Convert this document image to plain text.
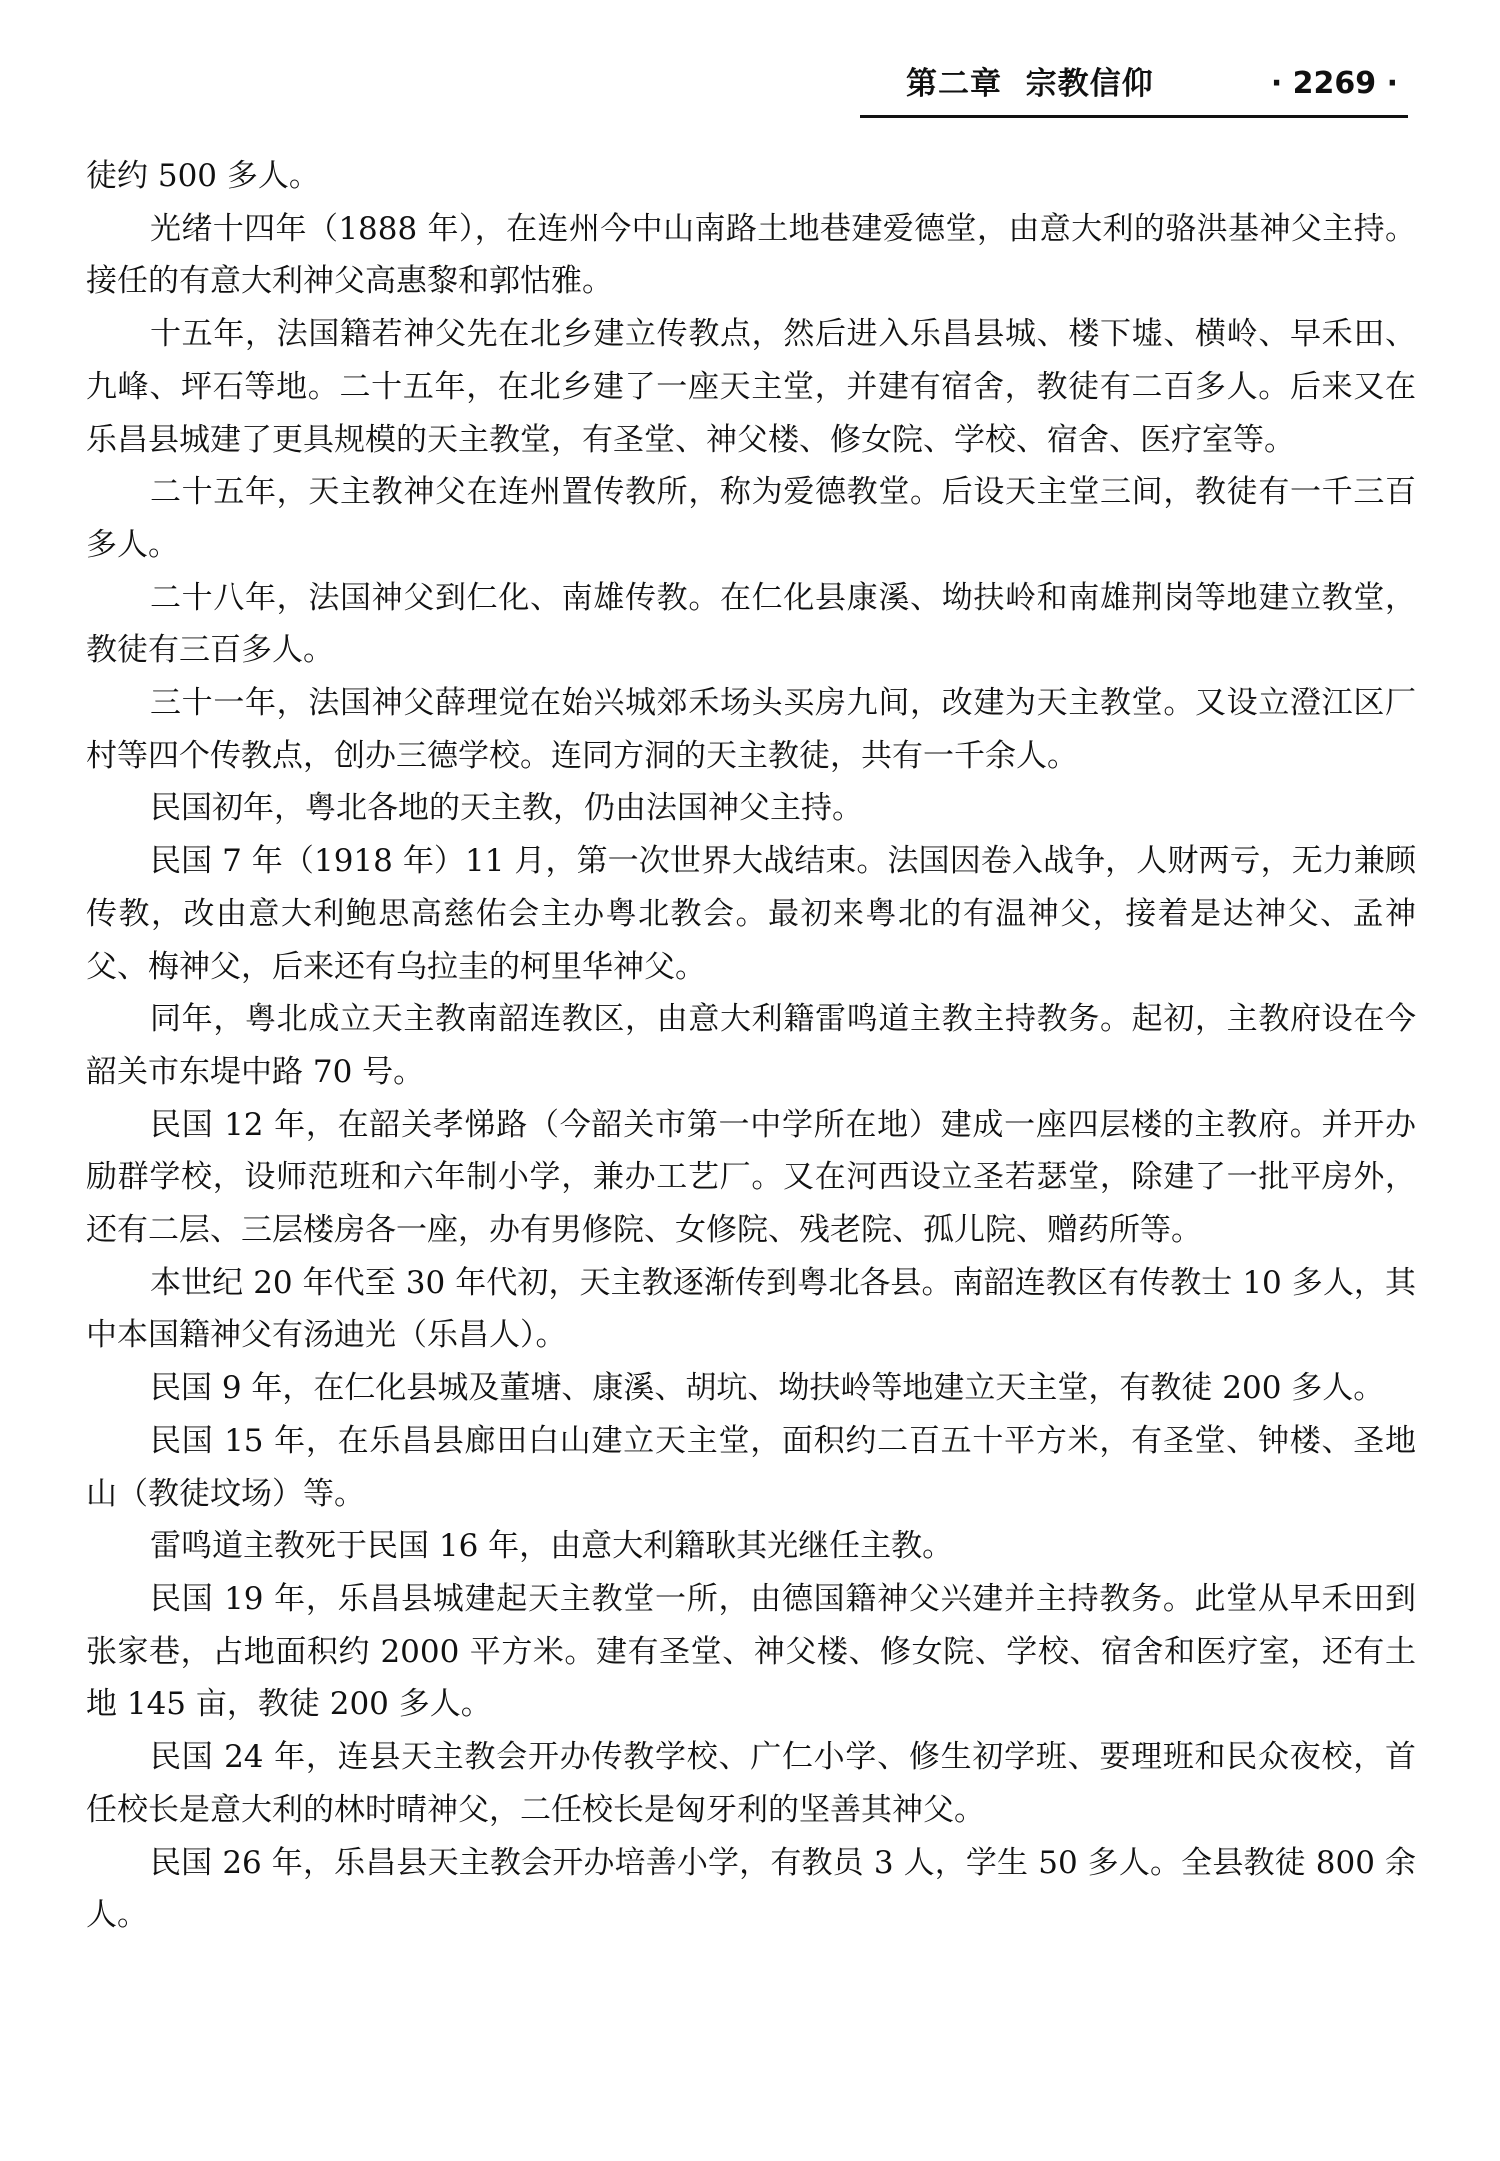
第二章  宗教信仰	· 2269 ·

徒约 500 多人。

光绪十四年（1888 年），在连州今中山南路土地巷建爱德堂，由意大利的骆洪基神父主持。接任的有意大利神父高惠黎和郭怙雅。

十五年，法国籍若神父先在北乡建立传教点，然后进入乐昌县城、楼下墟、横岭、早禾田、九峰、坪石等地。二十五年，在北乡建了一座天主堂，并建有宿舍，教徒有二百多人。后来又在乐昌县城建了更具规模的天主教堂，有圣堂、神父楼、修女院、学校、宿舍、医疗室等。

二十五年，天主教神父在连州置传教所，称为爱德教堂。后设天主堂三间，教徒有一千三百多人。

二十八年，法国神父到仁化、南雄传教。在仁化县康溪、坳扶岭和南雄荆岗等地建立教堂，教徒有三百多人。

三十一年，法国神父薛理觉在始兴城郊禾场头买房九间，改建为天主教堂。又设立澄江区厂村等四个传教点，创办三德学校。连同方洞的天主教徒，共有一千余人。

民国初年，粤北各地的天主教，仍由法国神父主持。

民国 7 年（1918 年）11 月，第一次世界大战结束。法国因卷入战争，人财两亏，无力兼顾传教，改由意大利鲍思高慈佑会主办粤北教会。最初来粤北的有温神父，接着是达神父、孟神父、梅神父，后来还有乌拉圭的柯里华神父。

同年，粤北成立天主教南韶连教区，由意大利籍雷鸣道主教主持教务。起初，主教府设在今韶关市东堤中路 70 号。

民国 12 年，在韶关孝悌路（今韶关市第一中学所在地）建成一座四层楼的主教府。并开办励群学校，设师范班和六年制小学，兼办工艺厂。又在河西设立圣若瑟堂，除建了一批平房外，还有二层、三层楼房各一座，办有男修院、女修院、残老院、孤儿院、赠药所等。

本世纪 20 年代至 30 年代初，天主教逐渐传到粤北各县。南韶连教区有传教士 10 多人，其中本国籍神父有汤迪光（乐昌人）。

民国 9 年，在仁化县城及董塘、康溪、胡坑、坳扶岭等地建立天主堂，有教徒 200 多人。

民国 15 年，在乐昌县廊田白山建立天主堂，面积约二百五十平方米，有圣堂、钟楼、圣地山（教徒坟场）等。

雷鸣道主教死于民国 16 年，由意大利籍耿其光继任主教。

民国 19 年，乐昌县城建起天主教堂一所，由德国籍神父兴建并主持教务。此堂从早禾田到张家巷，占地面积约 2000 平方米。建有圣堂、神父楼、修女院、学校、宿舍和医疗室，还有土地 145 亩，教徒 200 多人。

民国 24 年，连县天主教会开办传教学校、广仁小学、修生初学班、要理班和民众夜校，首任校长是意大利的林时晴神父，二任校长是匈牙利的坚善其神父。

民国 26 年，乐昌县天主教会开办培善小学，有教员 3 人，学生 50 多人。全县教徒 800 余人。
